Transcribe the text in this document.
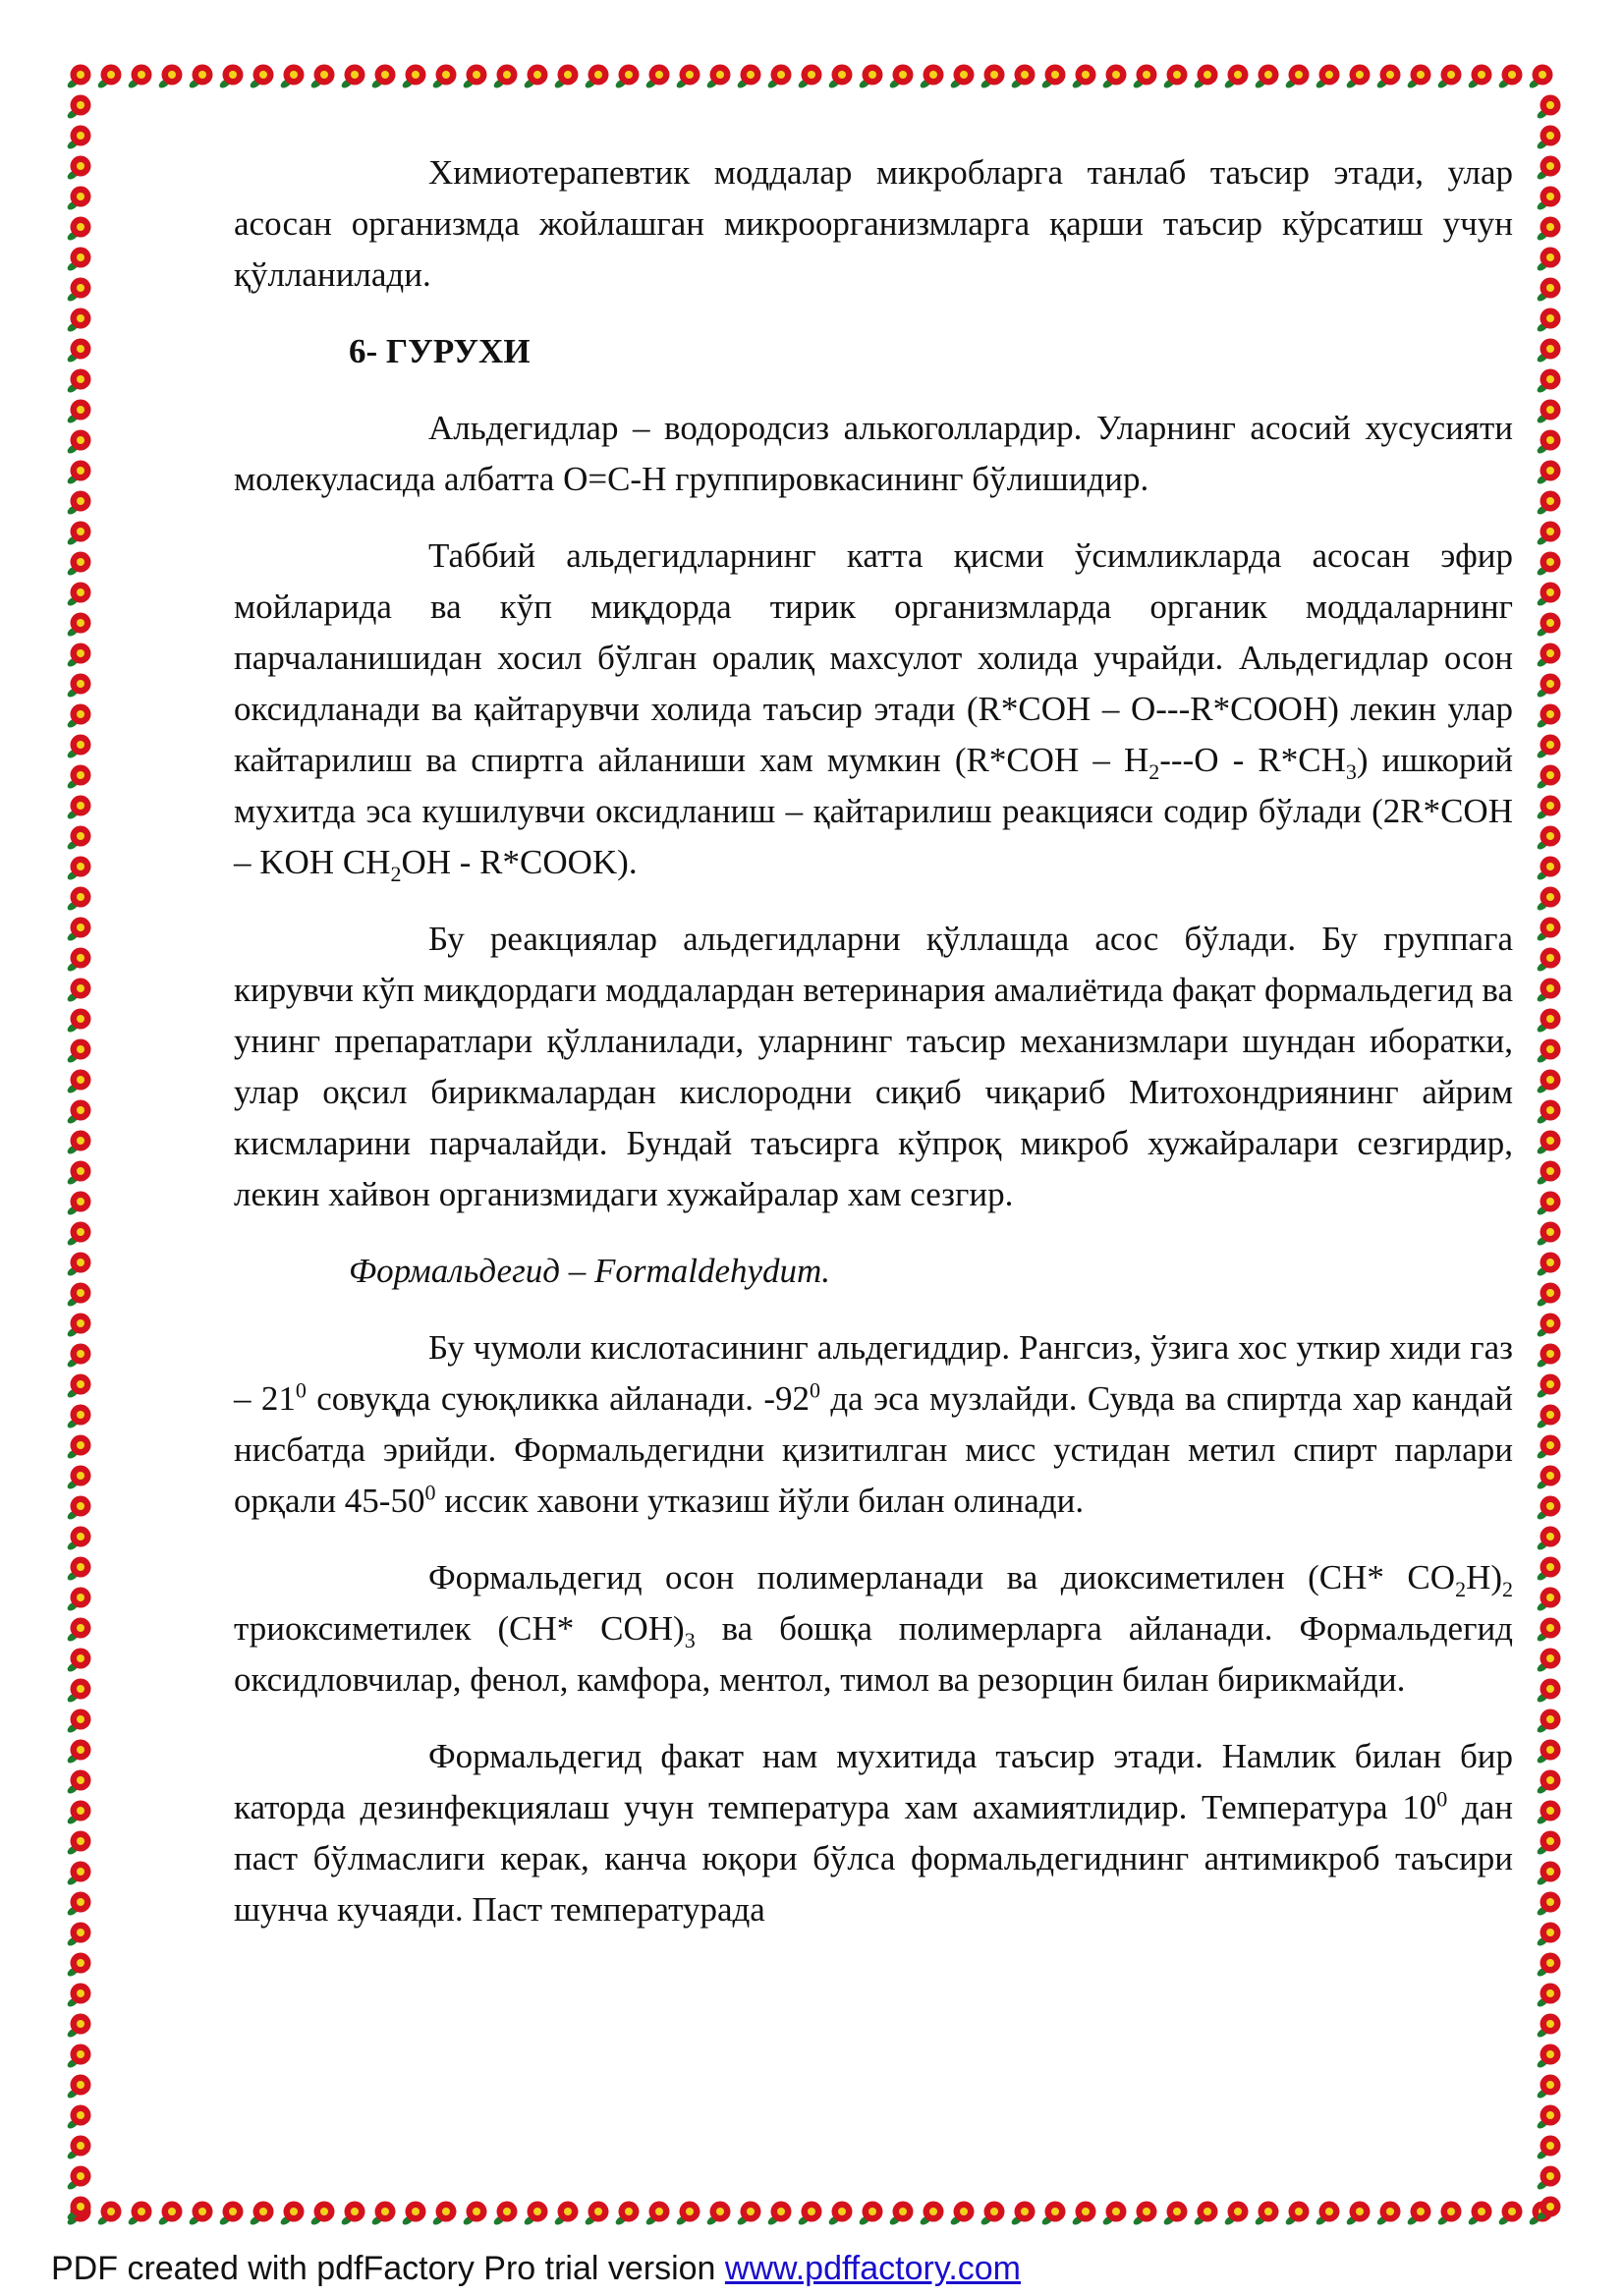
Химиотерапевтик моддалар микробларга танлаб таъсир этади, улар асосан организмда жойлашган микроорганизмларга қарши таъсир кўрсатиш учун қўлланилади.

6- ГУРУХИ

Альдегидлар – водородсиз алькоголлардир. Уларнинг асосий хусусияти молекуласида албатта О=С-Н группировкасининг бўлишидир.

Таббий альдегидларнинг катта қисми ўсимликларда асосан эфир мойларида ва кўп миқдорда тирик организмларда органик моддаларнинг парчаланишидан хосил бўлган оралиқ махсулот холида учрайди. Альдегидлар осон оксидланади ва қайтарувчи холида таъсир этади (R*COH – O---R*COOH) лекин улар кайтарилиш ва спиртга айланиши хам мумкин $(R*COH - H_2---O - R*CH_3)$ ишкорий мухитда эса кушилувчи оксидланиш – қайтарилиш реакцияси содир бўлади (2R*COH – KOH $CH_2OH$ - R*COOK).

Бу реакциялар альдегидларни қўллашда асос бўлади. Бу группага кирувчи кўп миқдордаги моддалардан ветеринария амалиётида фақат формальдегид ва унинг препаратлари қўлланилади, уларнинг таъсир механизмлари шундан иборатки, улар оқсил бирикмалардан кислородни сиқиб чиқариб Митохондриянинг айрим кисмларини парчалайди. Бундай таъсирга кўпроқ микроб хужайралари сезгирдир, лекин хайвон организмидаги хужайралар хам сезгир.

Формальдегид – Formaldehydum.

Бу чумоли кислотасининг альдегиддир. Рангсиз, ўзига хос уткир хиди газ – $21^0$ совуқда суюқликка айланади. $-92^0$ да эса музлайди. Сувда ва спиртда хар кандай нисбатда эрийди. Формальдегидни қизитилган мисс устидан метил спирт парлари орқали $45-50^0$ иссик хавони утказиш йўли билан олинади.

Формальдегид осон полимерланади ва диоксиметилен (CH* $CO_2H)_2$ триоксиметилек (CH* $COH)_3$ ва бошқа полимерларга айланади. Формальдегид оксидловчилар, фенол, камфора, ментол, тимол ва резорцин билан бирикмайди.

Формальдегид факат нам мухитида таъсир этади. Намлик билан бир каторда дезинфекциялаш учун температура хам ахамиятлидир. Температура $10^0$ дан паст бўлмаслиги керак, канча юқори бўлса формальдегиднинг антимикроб таъсири шунча кучаяди. Паст температурада

PDF created with pdfFactory Pro trial version www.pdffactory.com
